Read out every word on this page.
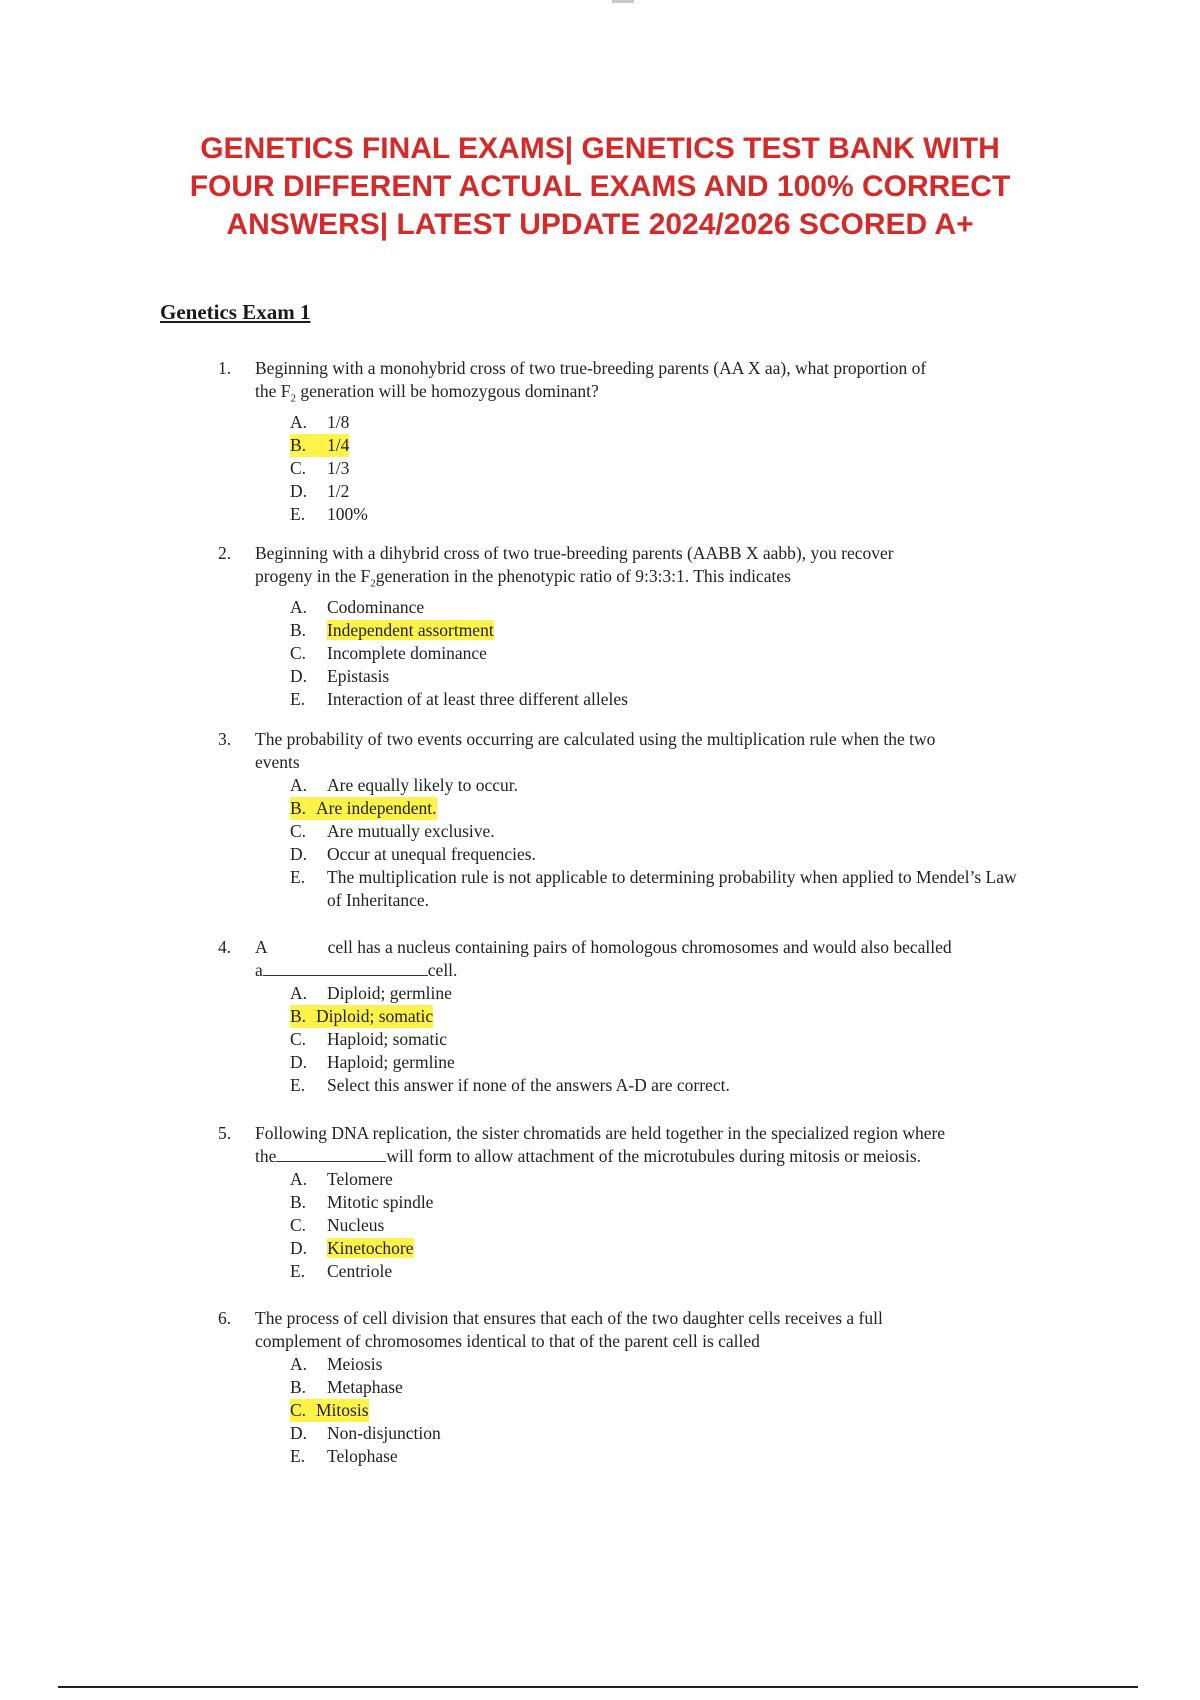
GENETICS FINAL EXAMS| GENETICS TEST BANK WITH
FOUR DIFFERENT ACTUAL EXAMS AND 100% CORRECT
ANSWERS| LATEST UPDATE 2024/2026 SCORED A+
Genetics Exam 1
1. Beginning with a monohybrid cross of two true-breeding parents (AA X aa), what proportion of
the $F_2$ generation will be homozygous dominant?
A.	1/8
B.	1/4
C.	1/3
D.	1/2
E.	100%
2. Beginning with a dihybrid cross of two true-breeding parents (AABB X aabb), you recover
progeny in the $F_2generation$ in the phenotypic ratio of 9:3:3:1. This indicates
A.	Codominance
B.	Independent assortment
C.	Incomplete dominance
D.	Epistasis
E.	Interaction of at least three different alleles
3. The probability of two events occurring are calculated using the multiplication rule when the two
events
A.	Are equally likely to occur.
B. Are independent.
C.	Are mutually exclusive.
D.	Occur at unequal frequencies.
E.	The multiplication rule is not applicable to determining probability when applied to Mendel’s Law of Inheritance.
4. A	cell has a nucleus containing pairs of homologous chromosomes and would also becalled
a	cell.
A.	Diploid; germline
B. Diploid; somatic
C.	Haploid; somatic
D.	Haploid; germline
E.	Select this answer if none of the answers A-D are correct.
5. Following DNA replication, the sister chromatids are held together in the specialized region where
the	will form to allow attachment of the microtubules during mitosis or meiosis.
A.	Telomere
B.	Mitotic spindle
C.	Nucleus
D.	Kinetochore
E.	Centriole
6. The process of cell division that ensures that each of the two daughter cells receives a full
complement of chromosomes identical to that of the parent cell is called
A.	Meiosis
B.	Metaphase
C. Mitosis
D.	Non-disjunction
E.	Telophase
